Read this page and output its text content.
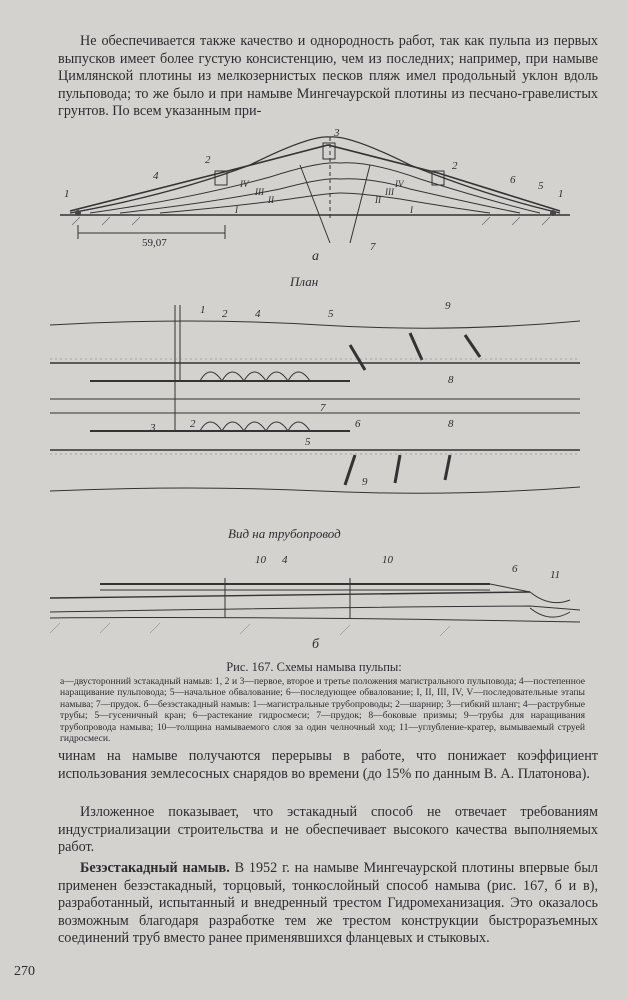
Не обеспечивается также качество и однородность работ, так как пульпа из первых выпусков имеет более густую консистенцию, чем из последних; например, при намыве Цимлянской плотины из мелкозернистых песков пляж имел продольный уклон вдоль пульповода; то же было и при намыве Мингечаурской плотины из песчано-гравелистых грунтов. По всем указанным при-
1
2
3
2
4
IV
III
II
I
IV
III
II
I
5
6
1
7
59,07
a
План
1 2	4	5
9
8
7
3	2	6	8
5
9
Вид на трубопровод
10 4	10
6	11
б
Рис. 167. Схемы намыва пульпы:
а—двусторонний эстакадный намыв: 1, 2 и 3—первое, второе и третье положения магистрального пульповода; 4—постепенное наращивание пульповода; 5—начальное обвалование; 6—последующее обвалование; I, II, III, IV, V—последовательные этапы намыва; 7—прудок. б—безэстакадный намыв: 1—магистральные трубопроводы; 2—шарнир; 3—гибкий шланг; 4—раструбные трубы; 5—гусеничный кран; 6—растекание гидросмеси; 7—прудок; 8—боковые призмы; 9—трубы для наращивания трубопровода намыва; 10—толщина намываемого слоя за один челночный ход; 11—углубление-кратер, вымываемый струей гидросмеси.
чинам на намыве получаются перерывы в работе, что понижает коэффициент использования землесосных снарядов во времени (до 15% по данным В. А. Платонова).
Изложенное показывает, что эстакадный способ не отвечает требованиям индустриализации строительства и не обеспечивает высокого качества выполняемых работ.
Безэстакадный намыв. В 1952 г. на намыве Мингечаурской плотины впервые был применен безэстакадный, торцовый, тонкослойный способ намыва (рис. 167, б и в), разработанный, испытанный и внедренный трестом Гидромеханизация. Это оказалось возможным благодаря разработке тем же трестом конструкции быстроразъемных соединений труб вместо ранее применявшихся фланцевых и стыковых.
270
